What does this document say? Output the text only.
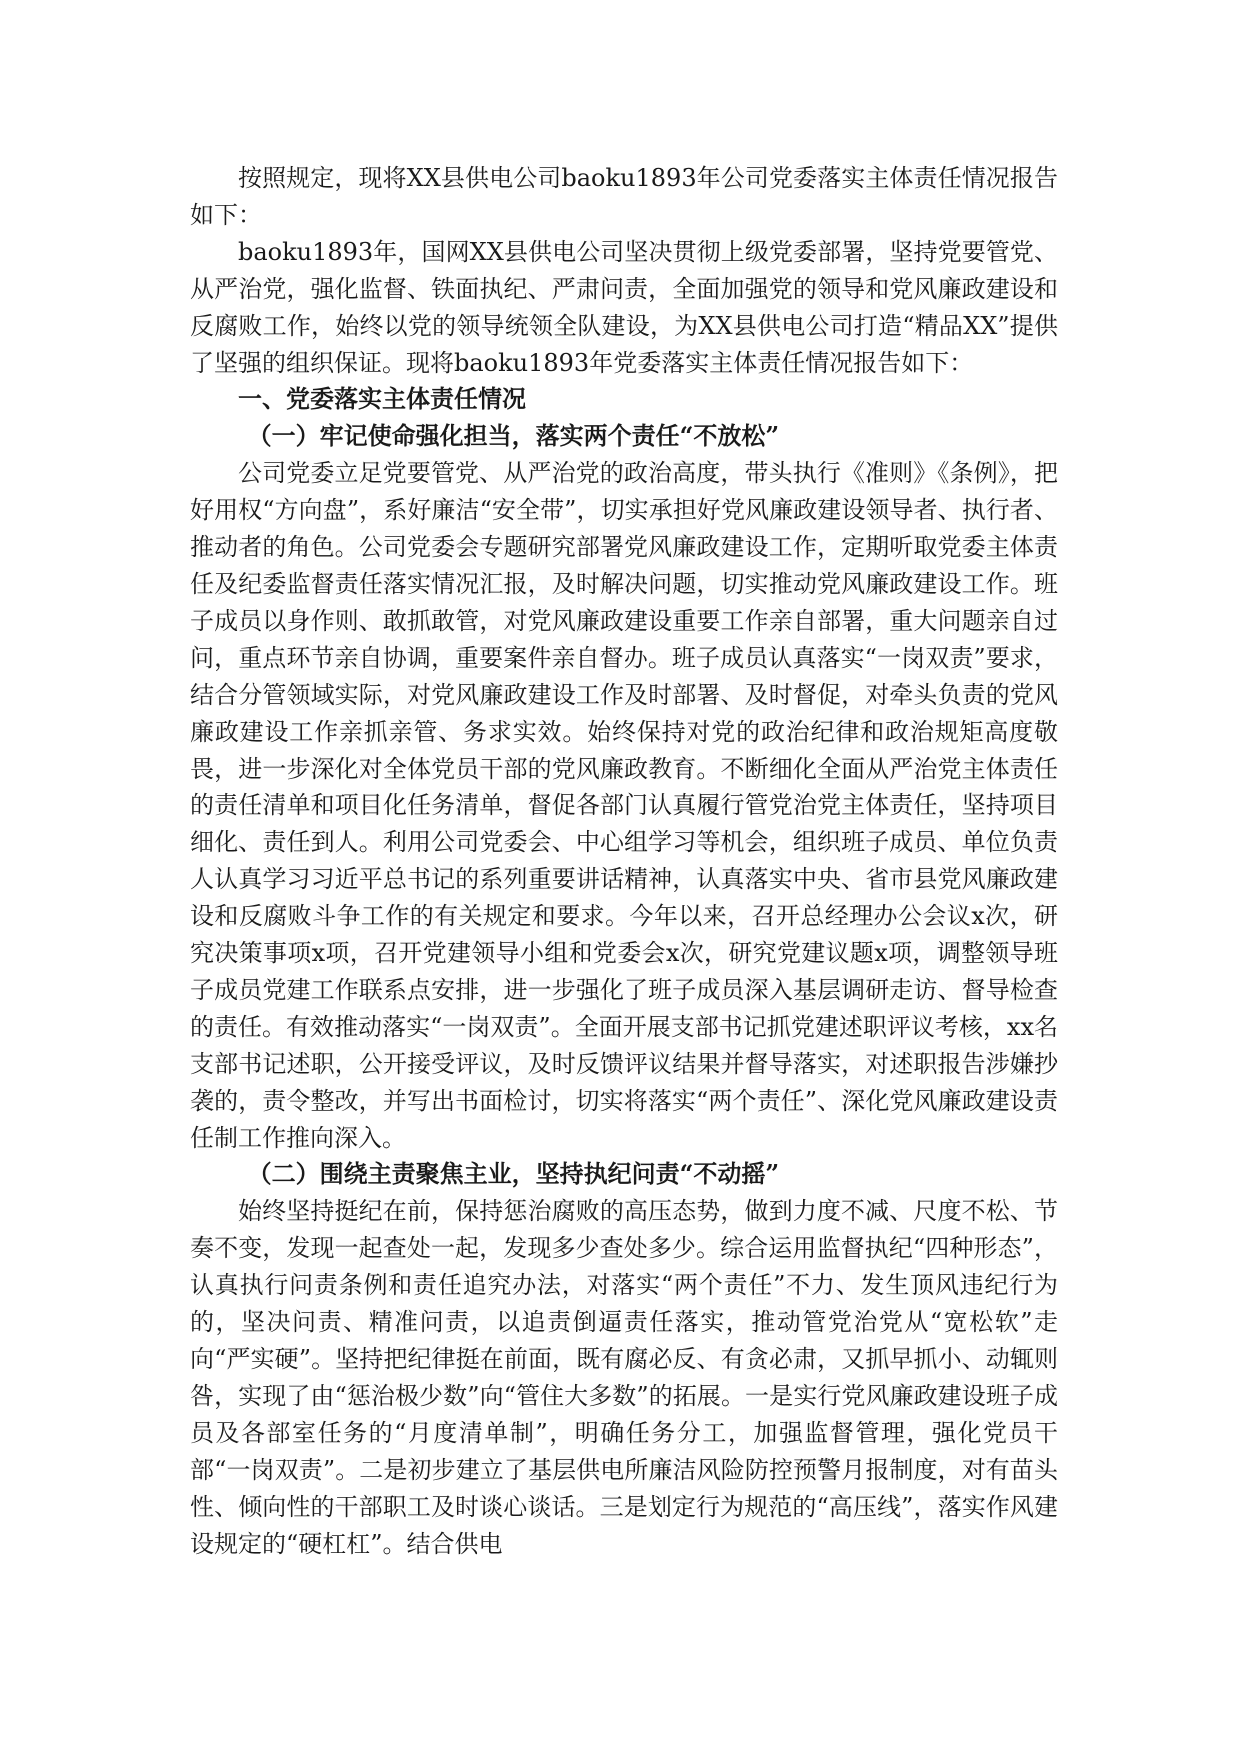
按照规定，现将XX县供电公司baoku1893年公司党委落实主体责任情况报告如下：

baoku1893年，国网XX县供电公司坚决贯彻上级党委部署，坚持党要管党、从严治党，强化监督、铁面执纪、严肃问责，全面加强党的领导和党风廉政建设和反腐败工作，始终以党的领导统领全队建设，为XX县供电公司打造“精品XX”提供了坚强的组织保证。现将baoku1893年党委落实主体责任情况报告如下：

一、党委落实主体责任情况
（一）牢记使命强化担当，落实两个责任“不放松”

公司党委立足党要管党、从严治党的政治高度，带头执行《准则》《条例》，把好用权“方向盘”，系好廉洁“安全带”，切实承担好党风廉政建设领导者、执行者、推动者的角色。公司党委会专题研究部署党风廉政建设工作，定期听取党委主体责任及纪委监督责任落实情况汇报，及时解决问题，切实推动党风廉政建设工作。班子成员以身作则、敢抓敢管，对党风廉政建设重要工作亲自部署，重大问题亲自过问，重点环节亲自协调，重要案件亲自督办。班子成员认真落实“一岗双责”要求，结合分管领域实际，对党风廉政建设工作及时部署、及时督促，对牵头负责的党风廉政建设工作亲抓亲管、务求实效。始终保持对党的政治纪律和政治规矩高度敬畏，进一步深化对全体党员干部的党风廉政教育。不断细化全面从严治党主体责任的责任清单和项目化任务清单，督促各部门认真履行管党治党主体责任，坚持项目细化、责任到人。利用公司党委会、中心组学习等机会，组织班子成员、单位负责人认真学习习近平总书记的系列重要讲话精神，认真落实中央、省市县党风廉政建设和反腐败斗争工作的有关规定和要求。今年以来，召开总经理办公会议x次，研究决策事项x项，召开党建领导小组和党委会x次，研究党建议题x项，调整领导班子成员党建工作联系点安排，进一步强化了班子成员深入基层调研走访、督导检查的责任。有效推动落实“一岗双责”。全面开展支部书记抓党建述职评议考核，xx名支部书记述职，公开接受评议，及时反馈评议结果并督导落实，对述职报告涉嫌抄袭的，责令整改，并写出书面检讨，切实将落实“两个责任”、深化党风廉政建设责任制工作推向深入。

（二）围绕主责聚焦主业，坚持执纪问责“不动摇”

始终坚持挺纪在前，保持惩治腐败的高压态势，做到力度不减、尺度不松、节奏不变，发现一起查处一起，发现多少查处多少。综合运用监督执纪“四种形态”，认真执行问责条例和责任追究办法，对落实“两个责任”不力、发生顶风违纪行为的，坚决问责、精准问责，以追责倒逼责任落实，推动管党治党从“宽松软”走向“严实硬”。坚持把纪律挺在前面，既有腐必反、有贪必肃，又抓早抓小、动辄则咎，实现了由“惩治极少数”向“管住大多数”的拓展。一是实行党风廉政建设班子成员及各部室任务的“月度清单制”，明确任务分工，加强监督管理，强化党员干部“一岗双责”。二是初步建立了基层供电所廉洁风险防控预警月报制度，对有苗头性、倾向性的干部职工及时谈心谈话。三是划定行为规范的“高压线”，落实作风建设规定的“硬杠杠”。结合供电
